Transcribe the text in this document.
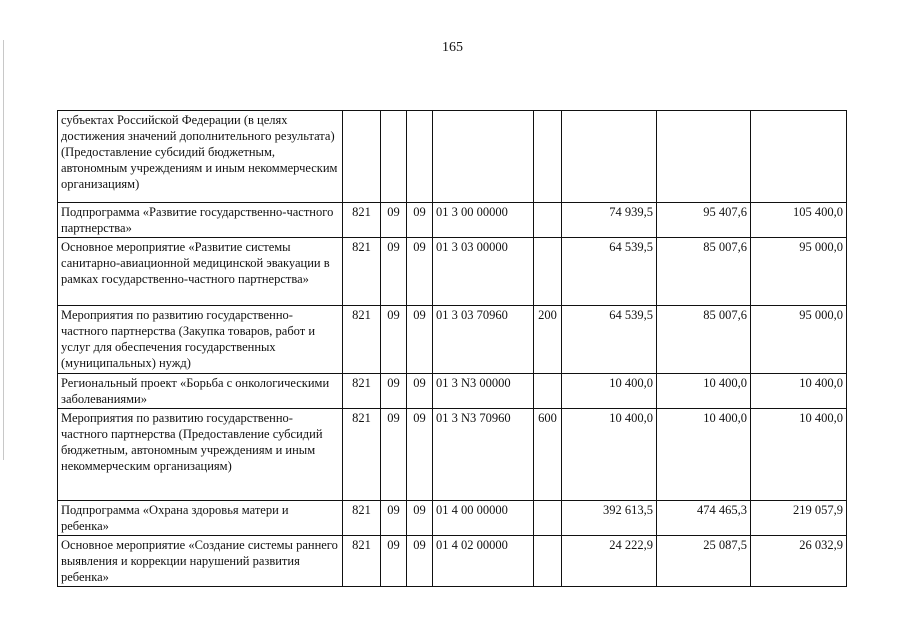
165
субъектах Российской Федерации (в целях достижения значений дополнительного результата) (Предоставление субсидий бюджетным, автономным учреждениям и иным некоммерческим организациям)								
Подпрограмма «Развитие государственно-частного партнерства»	821	09	09	01 3 00 00000		74 939,5	95 407,6	105 400,0
Основное мероприятие «Развитие системы санитарно-авиационной медицинской эвакуации в рамках государственно-частного партнерства»	821	09	09	01 3 03 00000		64 539,5	85 007,6	95 000,0
Мероприятия по развитию государственно-частного партнерства (Закупка товаров, работ и услуг для обеспечения государственных (муниципальных) нужд)	821	09	09	01 3 03 70960	200	64 539,5	85 007,6	95 000,0
Региональный проект «Борьба с онкологическими заболеваниями»	821	09	09	01 3 N3 00000		10 400,0	10 400,0	10 400,0
Мероприятия по развитию государственно-частного партнерства (Предоставление субсидий бюджетным, автономным учреждениям и иным некоммерческим организациям)	821	09	09	01 3 N3 70960	600	10 400,0	10 400,0	10 400,0
Подпрограмма «Охрана здоровья матери и ребенка»	821	09	09	01 4 00 00000		392 613,5	474 465,3	219 057,9
Основное мероприятие «Создание системы раннего выявления и коррекции нарушений развития ребенка»	821	09	09	01 4 02 00000		24 222,9	25 087,5	26 032,9
